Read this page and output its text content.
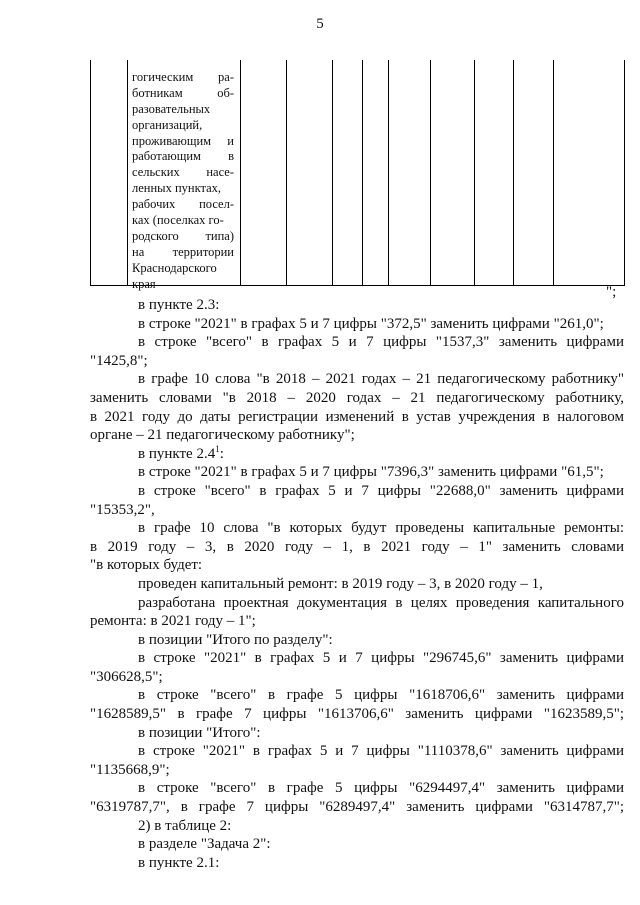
5
гогическим ра-
ботникам об-
разовательных
организаций,
проживающим и
работающим в
сельских насе-
ленных пунктах,
рабочих посел-
ках (поселках го-
родского типа)
на территории
Краснодарского
края
";
в пункте 2.3:
в строке "2021" в графах 5 и 7 цифры "372,5" заменить цифрами "261,0";
в строке "всего" в графах 5 и 7 цифры "1537,3" заменить цифрами
"1425,8";
в графе 10 слова "в 2018 – 2021 годах – 21 педагогическому работнику"
заменить словами "в 2018 – 2020 годах – 21 педагогическому работнику,
в 2021 году до даты регистрации изменений в устав учреждения в налоговом
органе – 21 педагогическому работнику";
в пункте $2.4^1$:
в строке "2021" в графах 5 и 7 цифры "7396,3" заменить цифрами "61,5";
в строке "всего" в графах 5 и 7 цифры "22688,0" заменить цифрами
"15353,2",
в графе 10 слова "в которых будут проведены капитальные ремонты:
в 2019 году – 3, в 2020 году – 1, в 2021 году – 1" заменить словами
"в которых будет:
проведен капитальный ремонт: в 2019 году – 3, в 2020 году – 1,
разработана проектная документация в целях проведения капитального
ремонта: в 2021 году – 1";
в позиции "Итого по разделу":
в строке "2021" в графах 5 и 7 цифры "296745,6" заменить цифрами
"306628,5";
в строке "всего" в графе 5 цифры "1618706,6" заменить цифрами
"1628589,5" в графе 7 цифры "1613706,6" заменить цифрами "1623589,5";
в позиции "Итого":
в строке "2021" в графах 5 и 7 цифры "1110378,6" заменить цифрами
"1135668,9";
в строке "всего" в графе 5 цифры "6294497,4" заменить цифрами
"6319787,7", в графе 7 цифры "6289497,4" заменить цифрами "6314787,7";
2) в таблице 2:
в разделе "Задача 2":
в пункте 2.1:
